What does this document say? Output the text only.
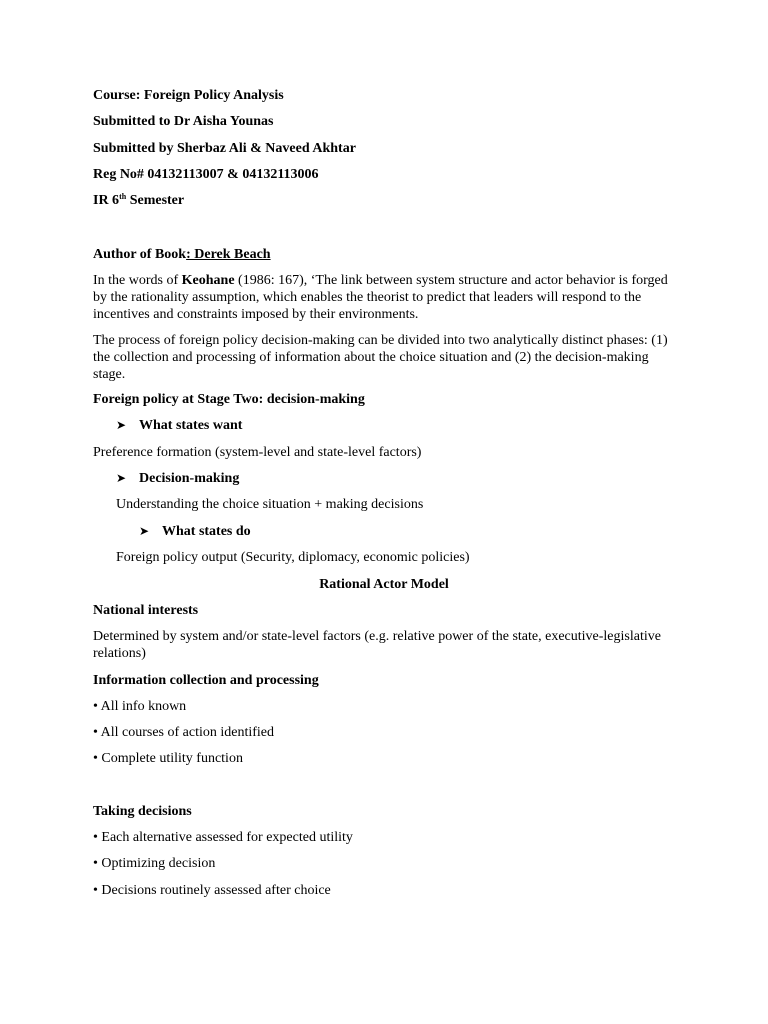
Course: Foreign Policy Analysis
Submitted to Dr Aisha Younas
Submitted by Sherbaz Ali & Naveed Akhtar
Reg No# 04132113007 & 04132113006
IR 6th Semester
Author of Book: Derek Beach
In the words of Keohane (1986: 167), ‘The link between system structure and actor behavior is forged by the rationality assumption, which enables the theorist to predict that leaders will respond to the incentives and constraints imposed by their environments.
The process of foreign policy decision-making can be divided into two analytically distinct phases: (1) the collection and processing of information about the choice situation and (2) the decision-making stage.
Foreign policy at Stage Two: decision-making
➤ What states want
Preference formation (system-level and state-level factors)
➤ Decision-making
Understanding the choice situation + making decisions
➤ What states do
Foreign policy output (Security, diplomacy, economic policies)
Rational Actor Model
National interests
Determined by system and/or state-level factors (e.g. relative power of the state, executive-legislative relations)
Information collection and processing
• All info known
• All courses of action identified
• Complete utility function
Taking decisions
• Each alternative assessed for expected utility
• Optimizing decision
• Decisions routinely assessed after choice
